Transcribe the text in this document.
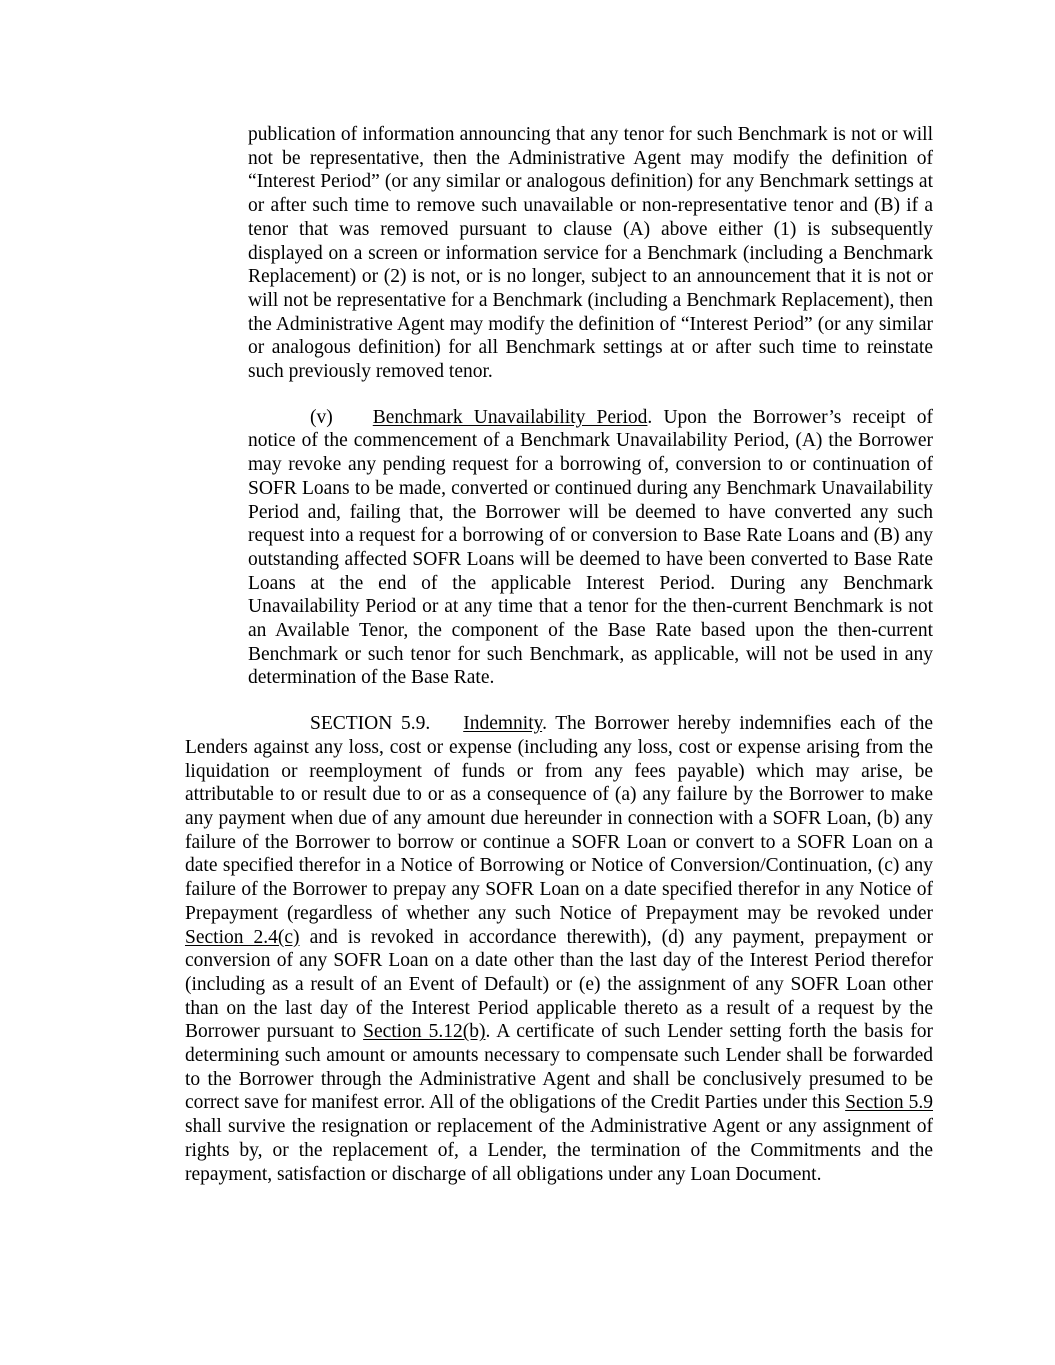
publication of information announcing that any tenor for such Benchmark is not or will not be representative, then the Administrative Agent may modify the definition of “Interest Period” (or any similar or analogous definition) for any Benchmark settings at or after such time to remove such unavailable or non-representative tenor and (B) if a tenor that was removed pursuant to clause (A) above either (1) is subsequently displayed on a screen or information service for a Benchmark (including a Benchmark Replacement) or (2) is not, or is no longer, subject to an announcement that it is not or will not be representative for a Benchmark (including a Benchmark Replacement), then the Administrative Agent may modify the definition of “Interest Period” (or any similar or analogous definition) for all Benchmark settings at or after such time to reinstate such previously removed tenor.

(v) Benchmark Unavailability Period. Upon the Borrower’s receipt of notice of the commencement of a Benchmark Unavailability Period, (A) the Borrower may revoke any pending request for a borrowing of, conversion to or continuation of SOFR Loans to be made, converted or continued during any Benchmark Unavailability Period and, failing that, the Borrower will be deemed to have converted any such request into a request for a borrowing of or conversion to Base Rate Loans and (B) any outstanding affected SOFR Loans will be deemed to have been converted to Base Rate Loans at the end of the applicable Interest Period. During any Benchmark Unavailability Period or at any time that a tenor for the then-current Benchmark is not an Available Tenor, the component of the Base Rate based upon the then-current Benchmark or such tenor for such Benchmark, as applicable, will not be used in any determination of the Base Rate.

SECTION 5.9. Indemnity. The Borrower hereby indemnifies each of the Lenders against any loss, cost or expense (including any loss, cost or expense arising from the liquidation or reemployment of funds or from any fees payable) which may arise, be attributable to or result due to or as a consequence of (a) any failure by the Borrower to make any payment when due of any amount due hereunder in connection with a SOFR Loan, (b) any failure of the Borrower to borrow or continue a SOFR Loan or convert to a SOFR Loan on a date specified therefor in a Notice of Borrowing or Notice of Conversion/Continuation, (c) any failure of the Borrower to prepay any SOFR Loan on a date specified therefor in any Notice of Prepayment (regardless of whether any such Notice of Prepayment may be revoked under Section 2.4(c) and is revoked in accordance therewith), (d) any payment, prepayment or conversion of any SOFR Loan on a date other than the last day of the Interest Period therefor (including as a result of an Event of Default) or (e) the assignment of any SOFR Loan other than on the last day of the Interest Period applicable thereto as a result of a request by the Borrower pursuant to Section 5.12(b). A certificate of such Lender setting forth the basis for determining such amount or amounts necessary to compensate such Lender shall be forwarded to the Borrower through the Administrative Agent and shall be conclusively presumed to be correct save for manifest error. All of the obligations of the Credit Parties under this Section 5.9 shall survive the resignation or replacement of the Administrative Agent or any assignment of rights by, or the replacement of, a Lender, the termination of the Commitments and the repayment, satisfaction or discharge of all obligations under any Loan Document.
